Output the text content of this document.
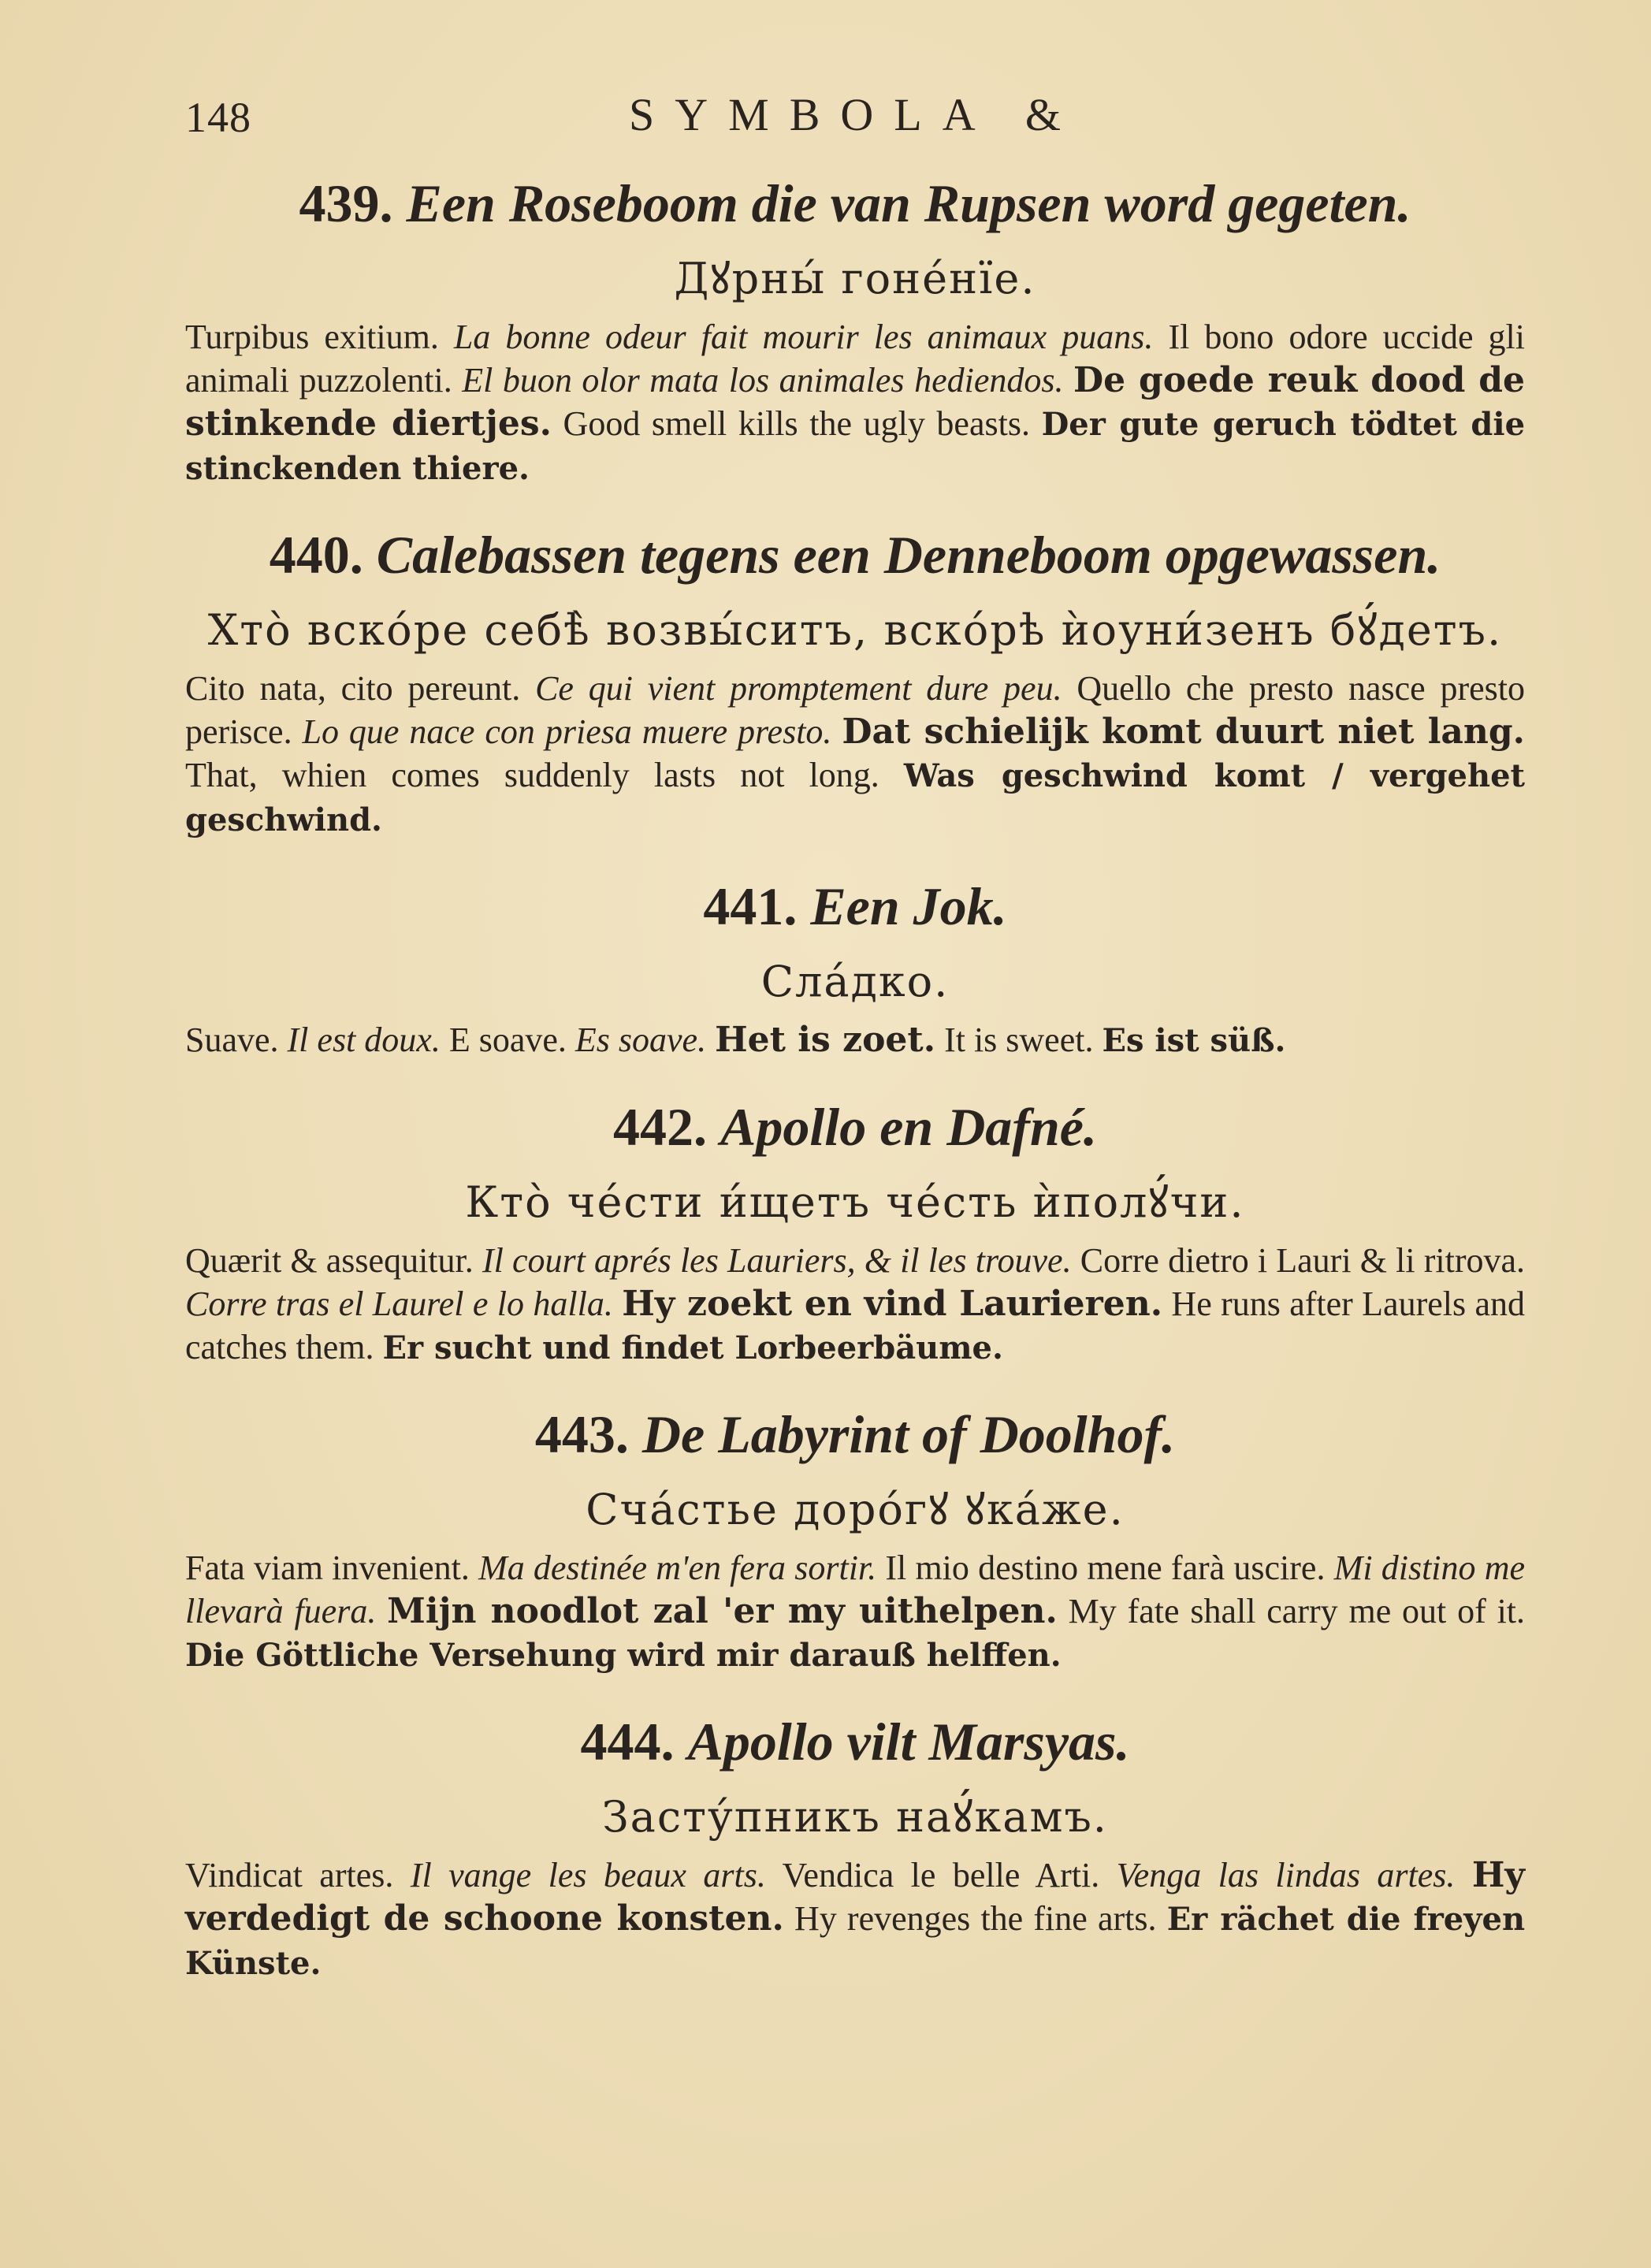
148	SYMBOLA &
439. Een Roseboom die van Rupsen word gegeten.
Дꙋрны́ гоне́нїе.

Turpibus exitium. La bonne odeur fait mourir les animaux puans. Il bono odore uccide gli animali puzzolenti. El buon olor mata los animales hediendos. De goede reuk dood de stinkende diertjes. Good smell kills the ugly beasts. Der gute geruch tödtet die stinckenden thiere.

440. Calebassen tegens een Denneboom opgewassen.
Хто̀ вско́ре себѣ̀ возвы́ситъ, вско́рѣ ѝоуни́зенъ бꙋ́детъ.

Cito nata, cito pereunt. Ce qui vient promptement dure peu. Quello che presto nasce presto perisce. Lo que nace con priesa muere presto. Dat schielijk komt duurt niet lang. That, whien comes suddenly lasts not long. Was geschwind komt / vergehet geschwind.

441. Een Jok.
Сла́дко.

Suave. Il est doux. E soave. Es soave. Het is zoet. It is sweet. Es ist süß.

442. Apollo en Dafné.
Кто̀ че́сти и́щетъ че́сть ѝполꙋ́чи.

Quærit & assequitur. Il court aprés les Lauriers, & il les trouve. Corre dietro i Lauri & li ritrova. Corre tras el Laurel e lo halla. Hy zoekt en vind Laurieren. He runs after Laurels and catches them. Er sucht und findet Lorbeerbäume.

443. De Labyrint of Doolhof.
Сча́стье доро́гꙋ ꙋка́же.

Fata viam invenient. Ma destinée m'en fera sortir. Il mio destino mene farà uscire. Mi distino me llevarà fuera. Mijn noodlot zal 'er my uithelpen. My fate shall carry me out of it. Die Göttliche Versehung wird mir darauß helffen.

444. Apollo vilt Marsyas.
Засту́пникъ наꙋ́камъ.

Vindicat artes. Il vange les beaux arts. Vendica le belle Arti. Venga las lindas artes. Hy verdedigt de schoone konsten. Hy revenges the fine arts. Er rächet die freyen Künste.
